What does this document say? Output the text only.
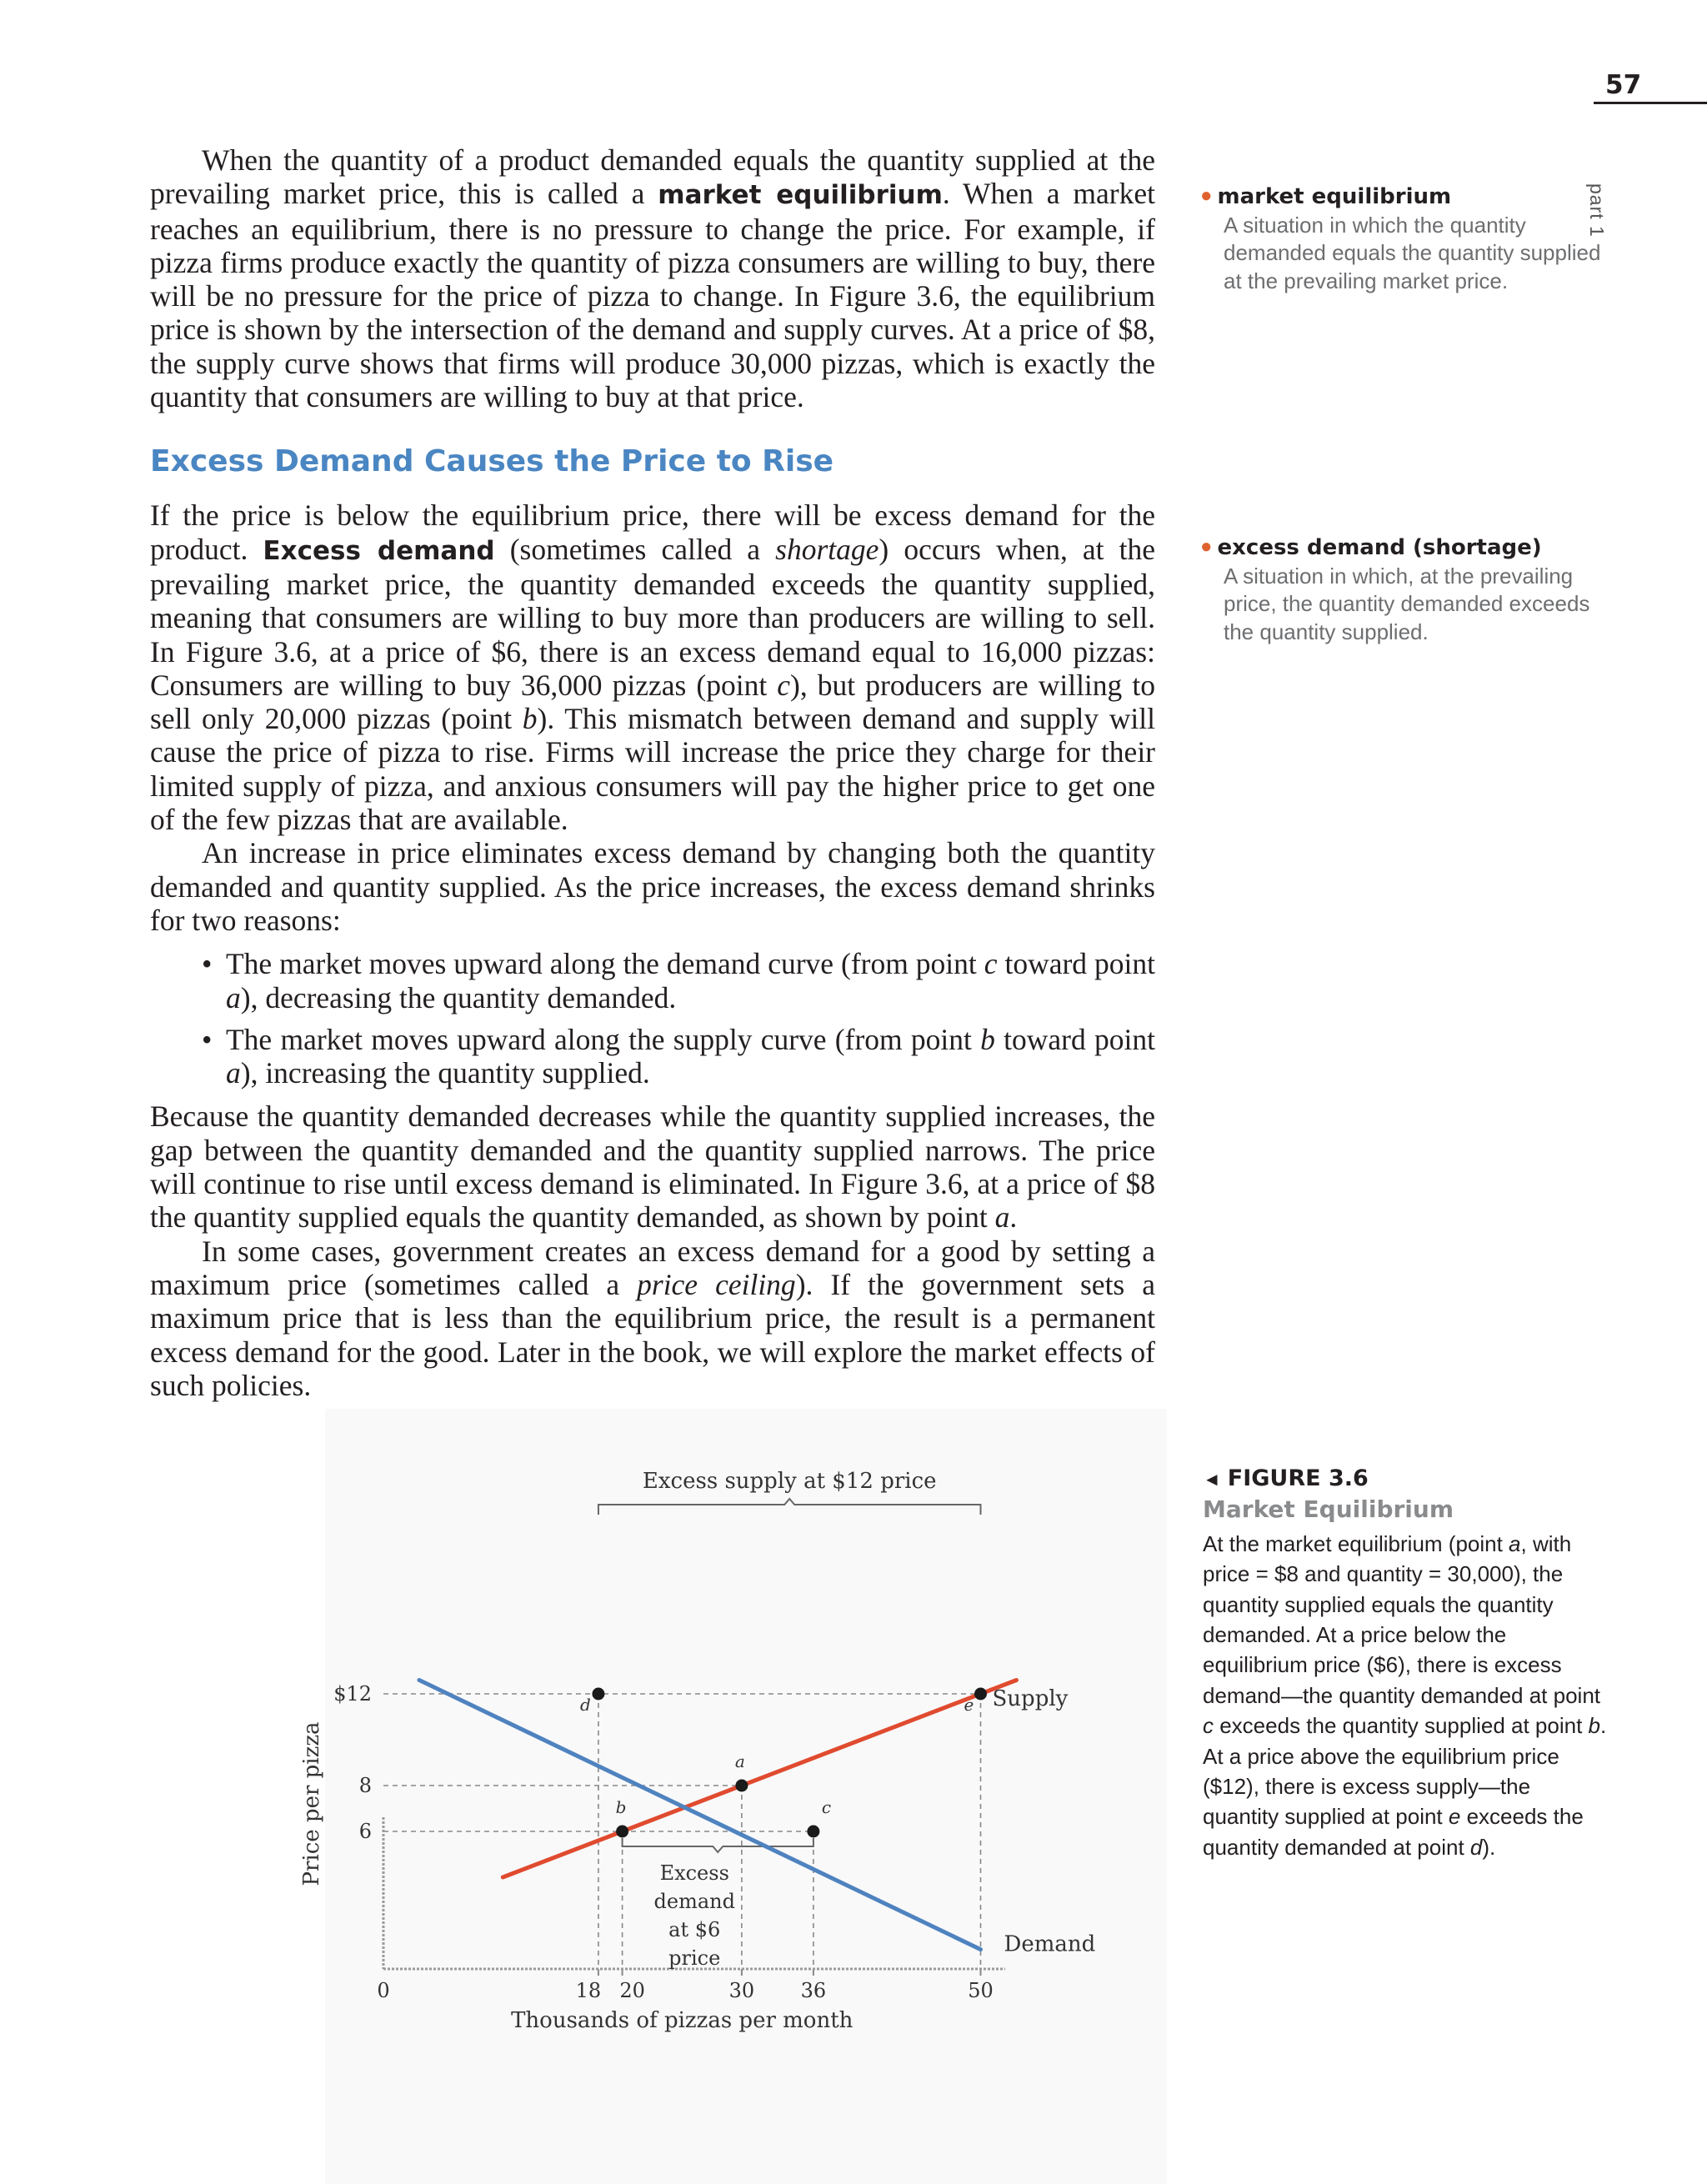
57
part 1

When the quantity of a product demanded equals the quantity supplied at the prevailing market price, this is called a market equilibrium. When a market reaches an equilibrium, there is no pressure to change the price. For example, if pizza firms produce exactly the quantity of pizza consumers are willing to buy, there will be no pressure for the price of pizza to change. In Figure 3.6, the equilibrium price is shown by the intersection of the demand and supply curves. At a price of $8, the supply curve shows that firms will produce 30,000 pizzas, which is exactly the quantity that consumers are willing to buy at that price.

Excess Demand Causes the Price to Rise

If the price is below the equilibrium price, there will be excess demand for the product. Excess demand (sometimes called a shortage) occurs when, at the prevailing market price, the quantity demanded exceeds the quantity supplied, meaning that consumers are willing to buy more than producers are willing to sell. In Figure 3.6, at a price of $6, there is an excess demand equal to 16,000 pizzas: Consumers are willing to buy 36,000 pizzas (point c), but producers are willing to sell only 20,000 pizzas (point b). This mismatch between demand and supply will cause the price of pizza to rise. Firms will increase the price they charge for their limited supply of pizza, and anxious consumers will pay the higher price to get one of the few pizzas that are available.

An increase in price eliminates excess demand by changing both the quantity demanded and quantity supplied. As the price increases, the excess demand shrinks for two reasons:

• The market moves upward along the demand curve (from point c toward point a), decreasing the quantity demanded.
• The market moves upward along the supply curve (from point b toward point a), increasing the quantity supplied.

Because the quantity demanded decreases while the quantity supplied increases, the gap between the quantity demanded and the quantity supplied narrows. The price will continue to rise until excess demand is eliminated. In Figure 3.6, at a price of $8 the quantity supplied equals the quantity demanded, as shown by point a.

In some cases, government creates an excess demand for a good by setting a maximum price (sometimes called a price ceiling). If the government sets a maximum price that is less than the equilibrium price, the result is a permanent excess demand for the good. Later in the book, we will explore the market effects of such policies.

● market equilibrium
A situation in which the quantity demanded equals the quantity supplied at the prevailing market price.
● excess demand (shortage)
A situation in which, at the prevailing price, the quantity demanded exceeds the quantity supplied.
Excess supply at $12 price
Excess demand at $6 price
Supply
Demand
a
b	c
d	e
6
8
$12
0	18 20	30 36	50
Price per pizza
Thousands of pizzas per month
◄ FIGURE 3.6
Market Equilibrium
At the market equilibrium (point a, with price = $8 and quantity = 30,000), the quantity supplied equals the quantity demanded. At a price below the equilibrium price ($6), there is excess demand—the quantity demanded at point c exceeds the quantity supplied at point b. At a price above the equilibrium price ($12), there is excess supply—the quantity supplied at point e exceeds the quantity demanded at point d).
